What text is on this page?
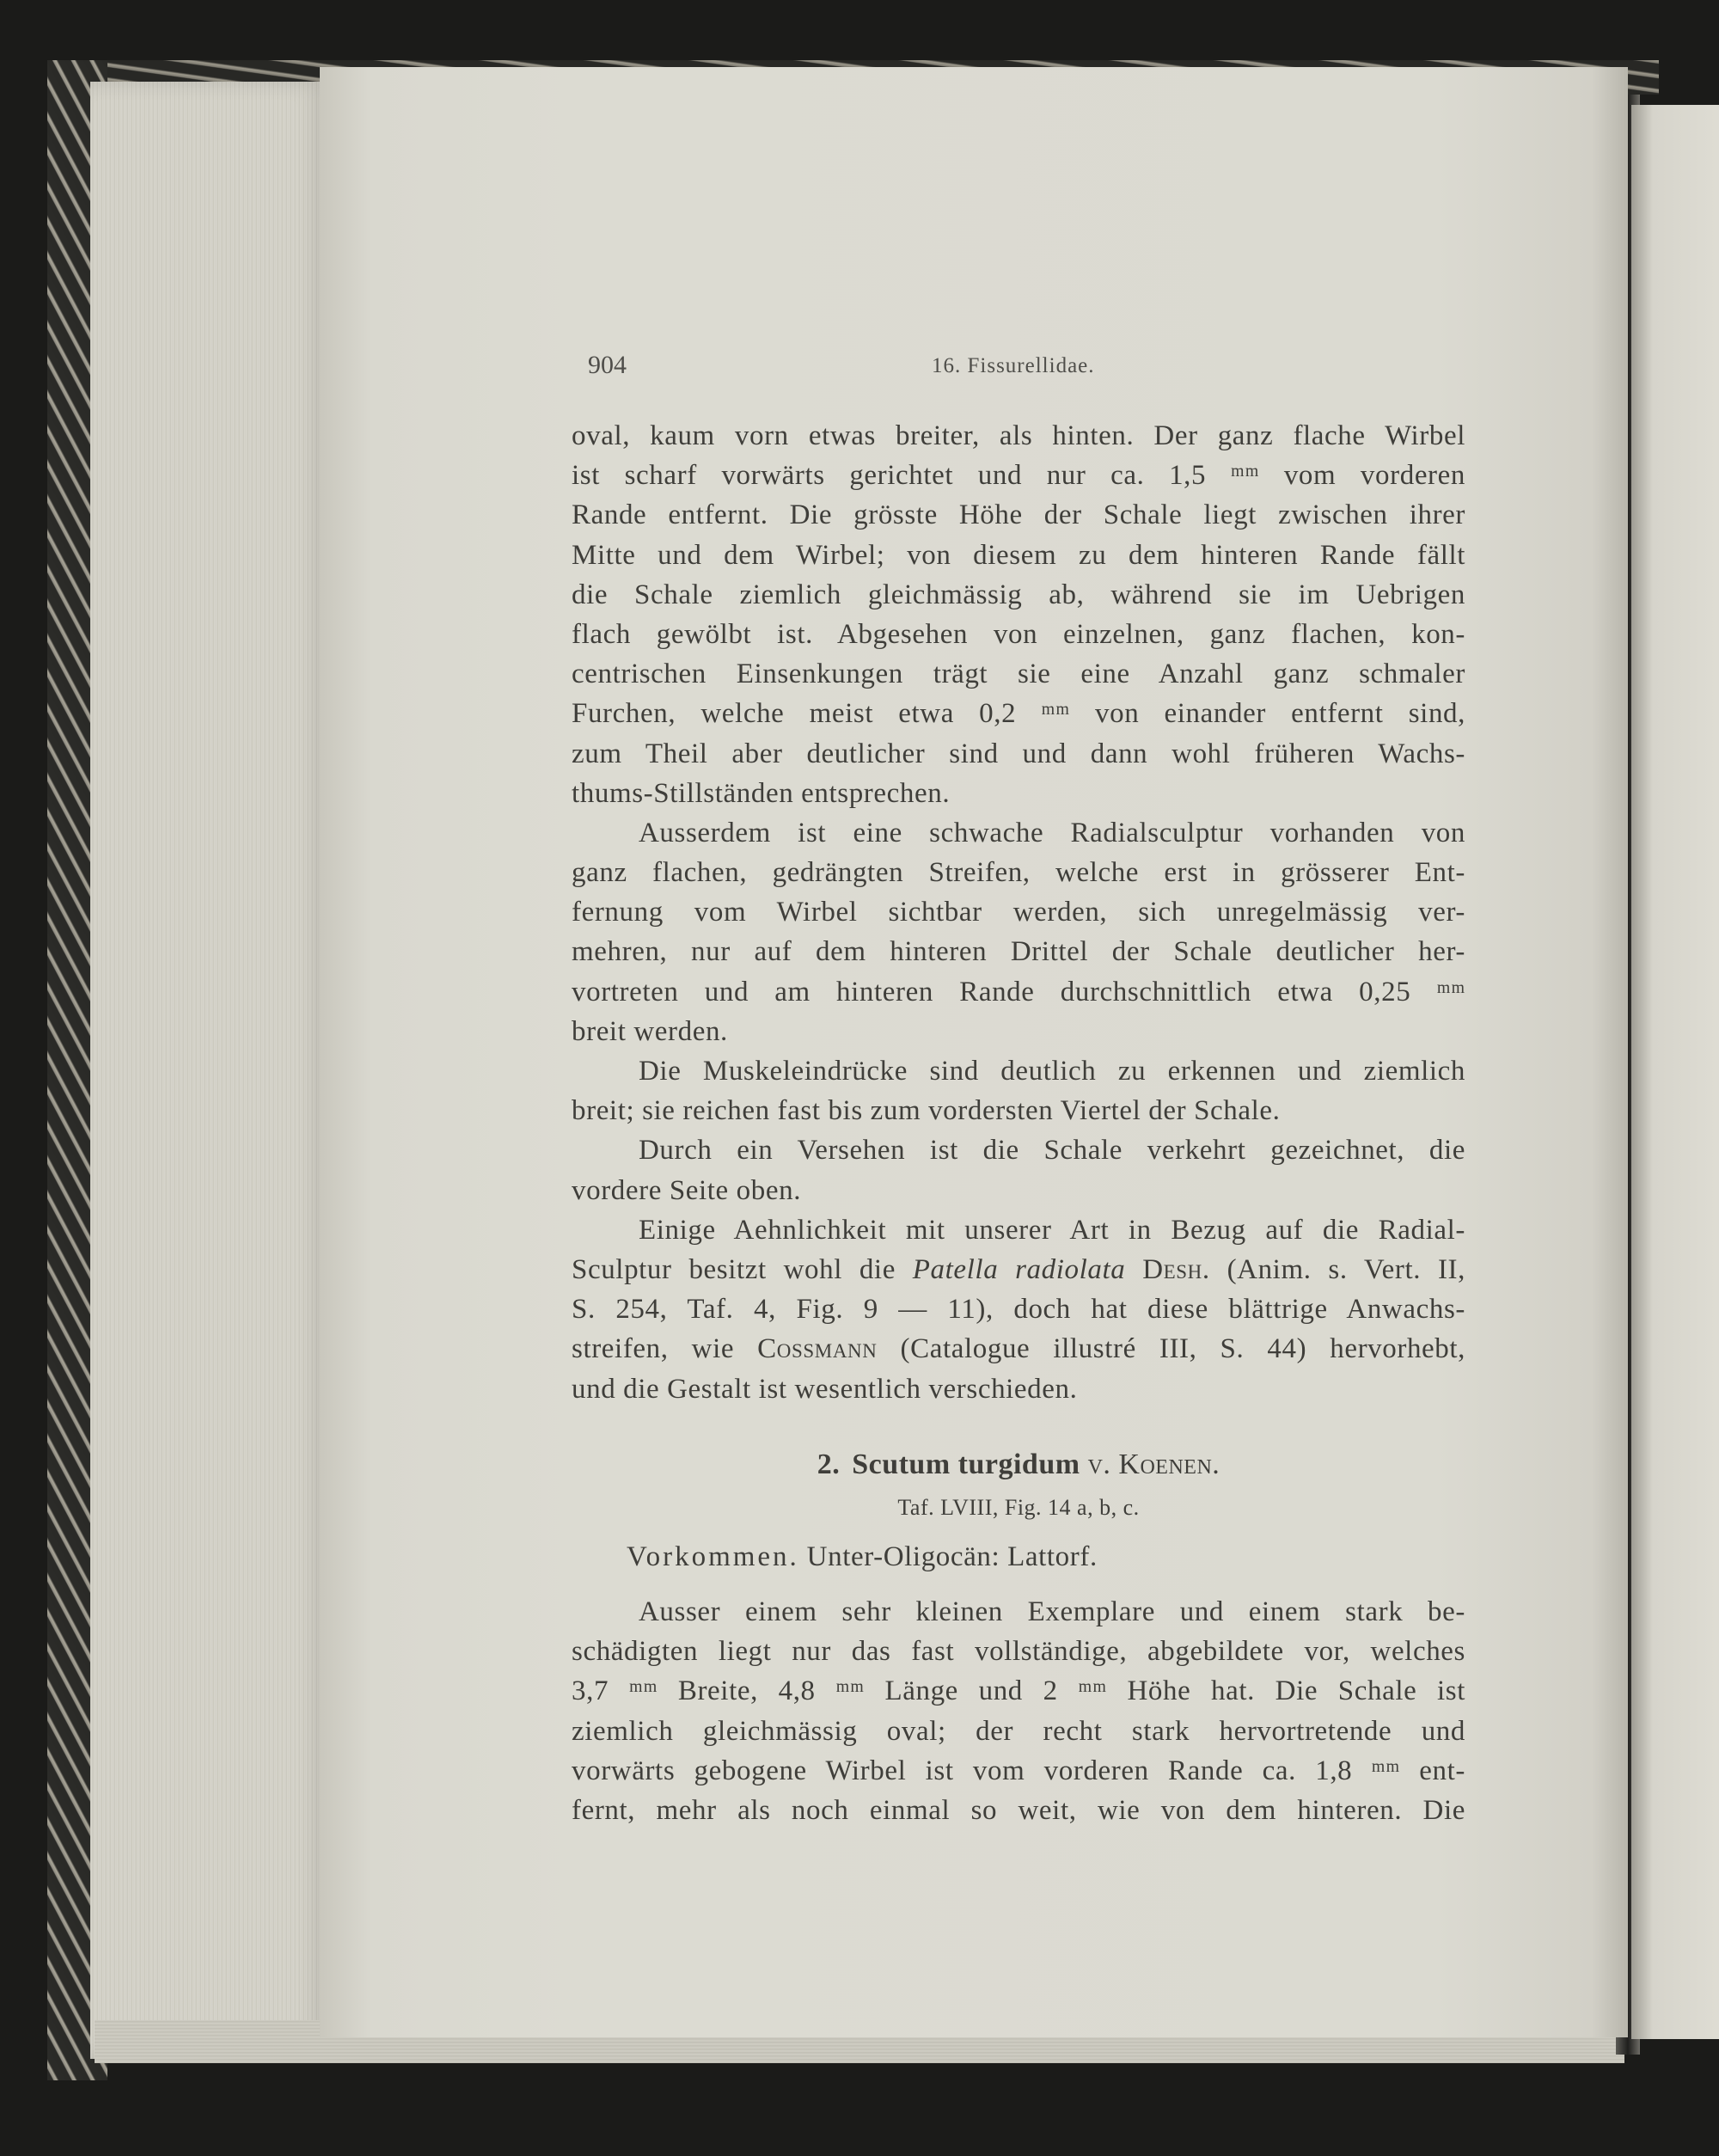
904	16. Fissurellidae.
oval, kaum vorn etwas breiter, als hinten. Der ganz flache Wirbel
ist scharf vorwärts gerichtet und nur ca. 1,5 ᵐᵐ vom vorderen
Rande entfernt. Die grösste Höhe der Schale liegt zwischen ihrer
Mitte und dem Wirbel; von diesem zu dem hinteren Rande fällt
die Schale ziemlich gleichmässig ab, während sie im Uebrigen
flach gewölbt ist. Abgesehen von einzelnen, ganz flachen, kon-
centrischen Einsenkungen trägt sie eine Anzahl ganz schmaler
Furchen, welche meist etwa 0,2 ᵐᵐ von einander entfernt sind,
zum Theil aber deutlicher sind und dann wohl früheren Wachs-
thums-Stillständen entsprechen.
Ausserdem ist eine schwache Radialsculptur vorhanden von
ganz flachen, gedrängten Streifen, welche erst in grösserer Ent-
fernung vom Wirbel sichtbar werden, sich unregelmässig ver-
mehren, nur auf dem hinteren Drittel der Schale deutlicher her-
vortreten und am hinteren Rande durchschnittlich etwa 0,25 ᵐᵐ
breit werden.
Die Muskeleindrücke sind deutlich zu erkennen und ziemlich
breit; sie reichen fast bis zum vordersten Viertel der Schale.
Durch ein Versehen ist die Schale verkehrt gezeichnet, die
vordere Seite oben.
Einige Aehnlichkeit mit unserer Art in Bezug auf die Radial-
Sculptur besitzt wohl die Patella radiolata Desh. (Anim. s. Vert. II,
S. 254, Taf. 4, Fig. 9 — 11), doch hat diese blättrige Anwachs-
streifen, wie Cossmann (Catalogue illustré III, S. 44) hervorhebt,
und die Gestalt ist wesentlich verschieden.
2. Scutum turgidum v. Koenen.
Taf. LVIII, Fig. 14 a, b, c.
Vorkommen. Unter-Oligocän: Lattorf.
Ausser einem sehr kleinen Exemplare und einem stark be-
schädigten liegt nur das fast vollständige, abgebildete vor, welches
3,7 ᵐᵐ Breite, 4,8 ᵐᵐ Länge und 2 ᵐᵐ Höhe hat. Die Schale ist
ziemlich gleichmässig oval; der recht stark hervortretende und
vorwärts gebogene Wirbel ist vom vorderen Rande ca. 1,8 ᵐᵐ ent-
fernt, mehr als noch einmal so weit, wie von dem hinteren. Die
